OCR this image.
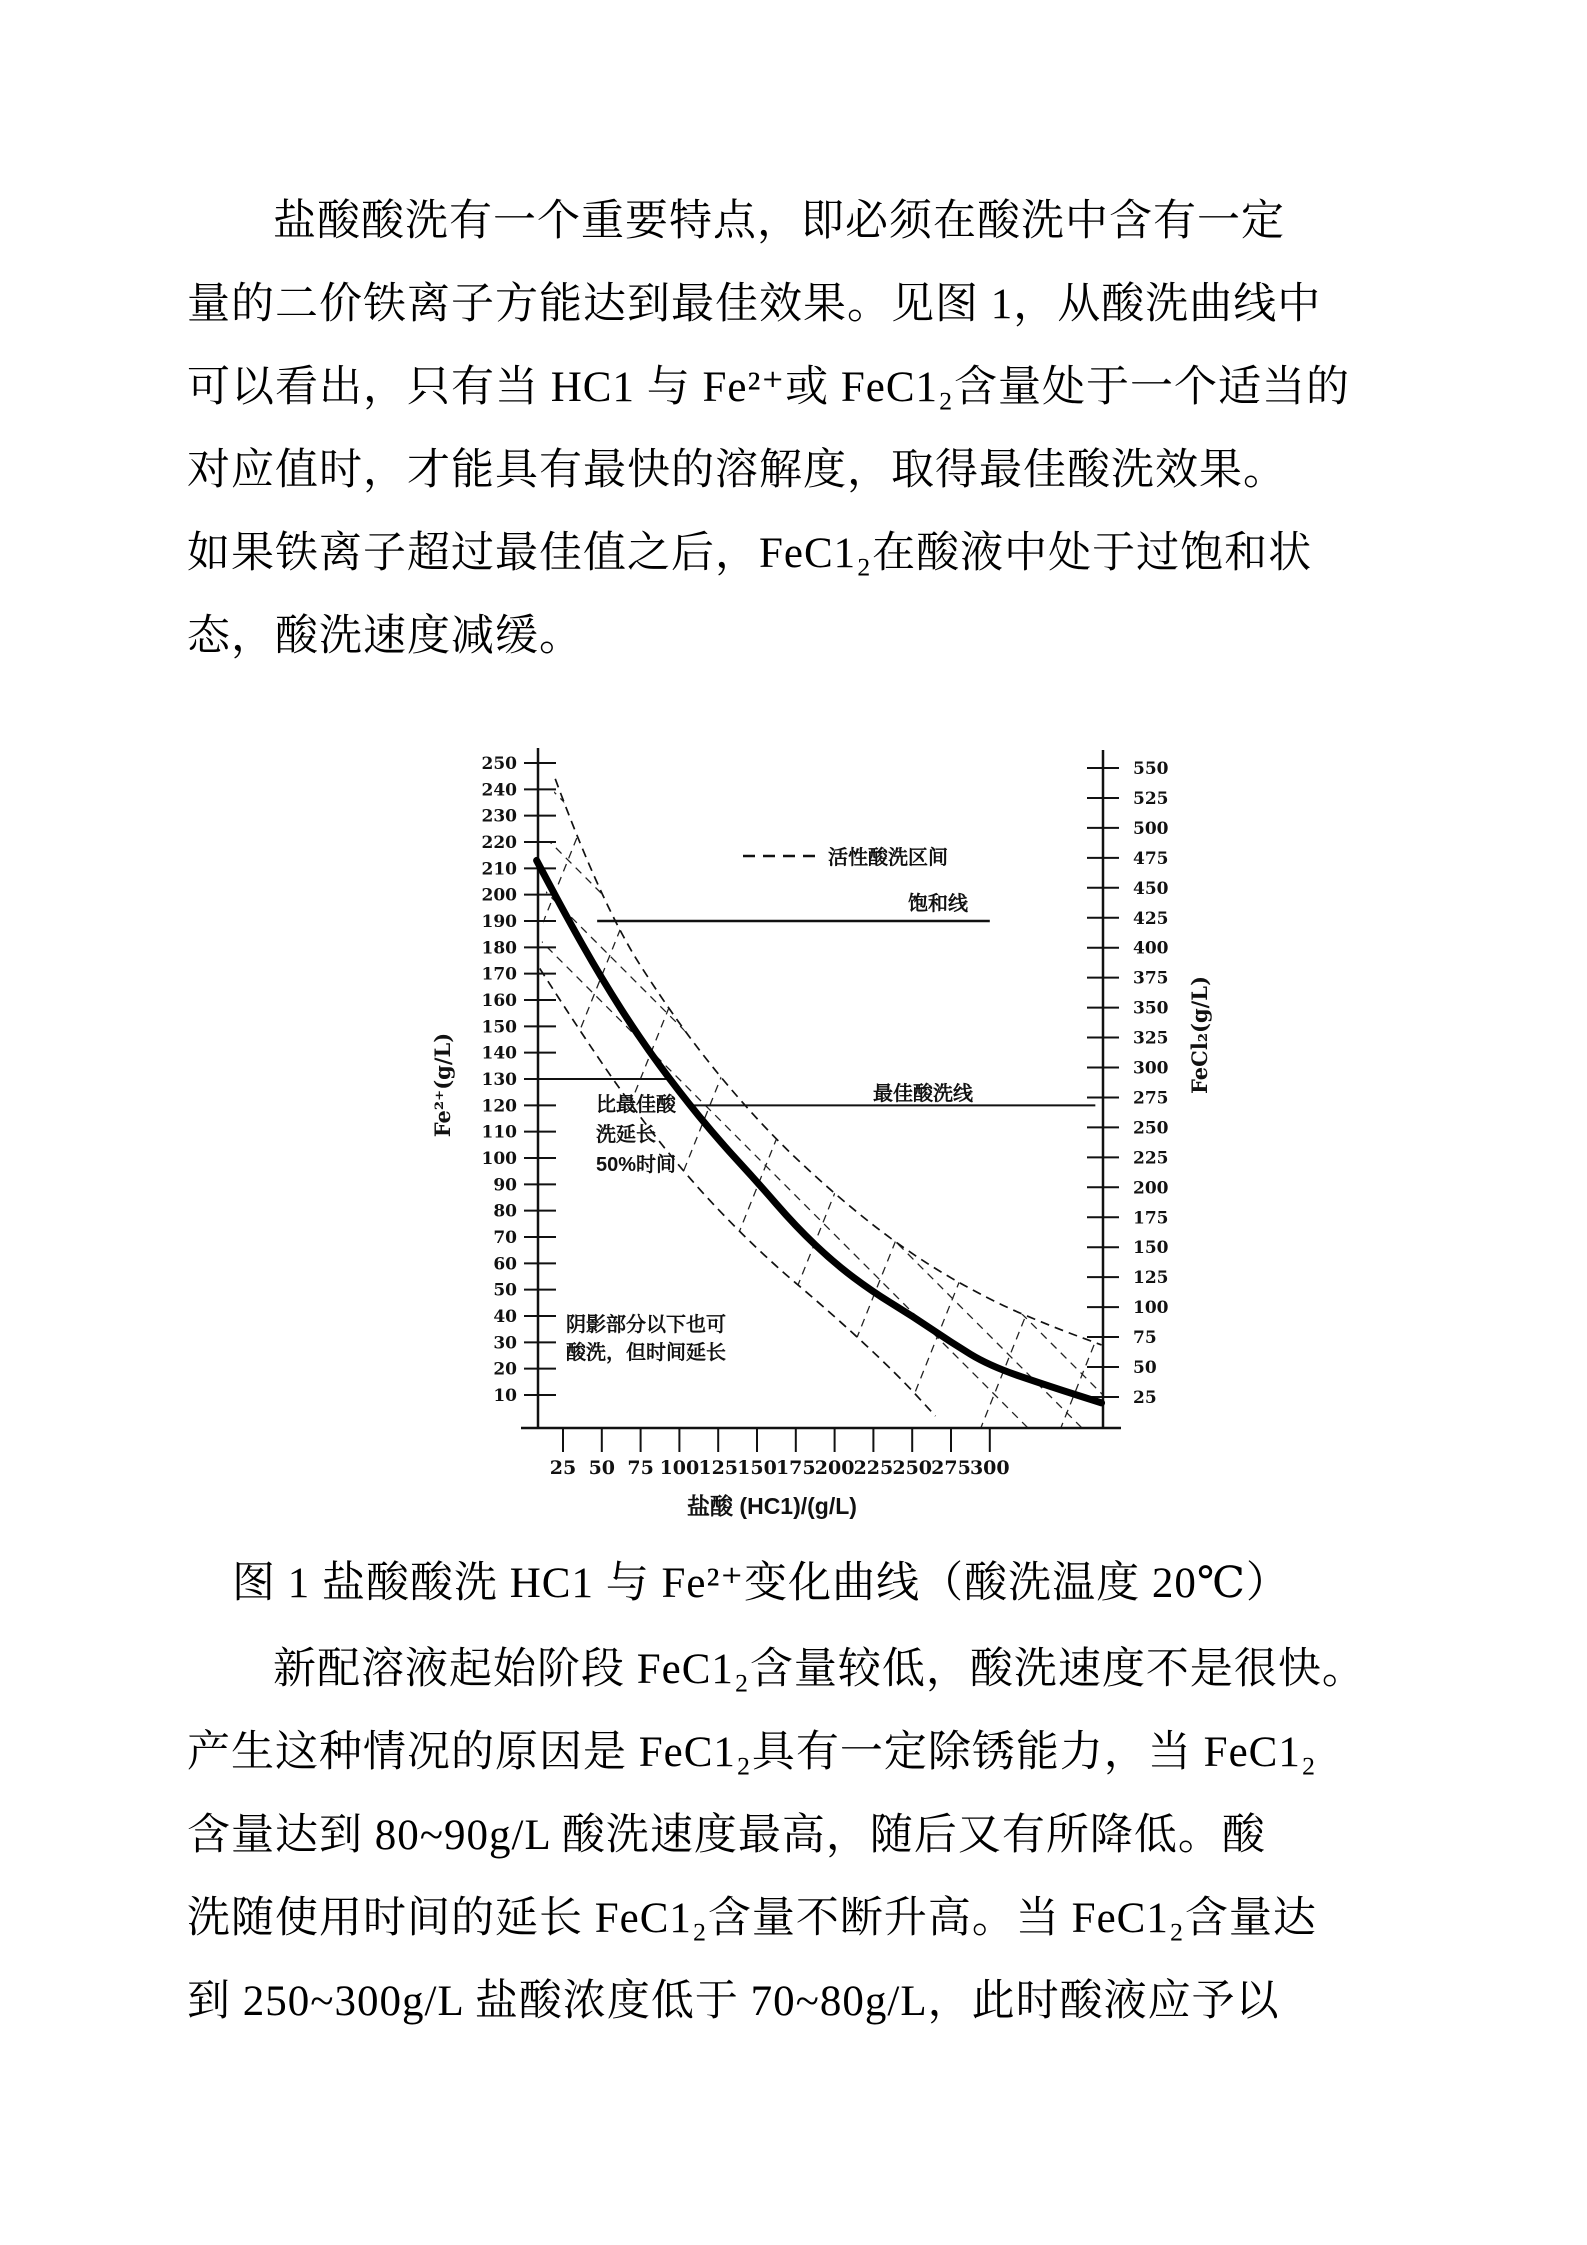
盐酸酸洗有一个重要特点，即必须在酸洗中含有一定
量的二价铁离子方能达到最佳效果。见图 1，从酸洗曲线中
可以看出，只有当 HC1 与 Fe²⁺或 FeC1₂含量处于一个适当的
对应值时，才能具有最快的溶解度，取得最佳酸洗效果。
如果铁离子超过最佳值之后，FeC1₂在酸液中处于过饱和状
态，酸洗速度减缓。
10
20
30
40
50
60
70
80
90
100
110
120
130
140
150
160
170
180
190
200
210
220
230
240
250
25
50
75
100
125
150
175
200
225
250
275
300
325
350
375
400
425
450
475
500
525
550
25 50 75 100 125 150 175 200 225 250 275 300
活性酸洗区间
饱和线
最佳酸洗线
比最佳酸
洗延长
50%时间
阴影部分以下也可
酸洗，但时间延长
盐酸 (HC1)/(g/L)
Fe²⁺(g/L)	FeCl₂(g/L)
图 1 盐酸酸洗 HC1 与 Fe²⁺变化曲线（酸洗温度 20℃）
新配溶液起始阶段 FeC1₂含量较低，酸洗速度不是很快。
产生这种情况的原因是 FeC1₂具有一定除锈能力，当 FeC1₂
含量达到 80~90g/L 酸洗速度最高，随后又有所降低。酸
洗随使用时间的延长 FeC1₂含量不断升高。当 FeC1₂含量达
到 250~300g/L 盐酸浓度低于 70~80g/L，此时酸液应予以
